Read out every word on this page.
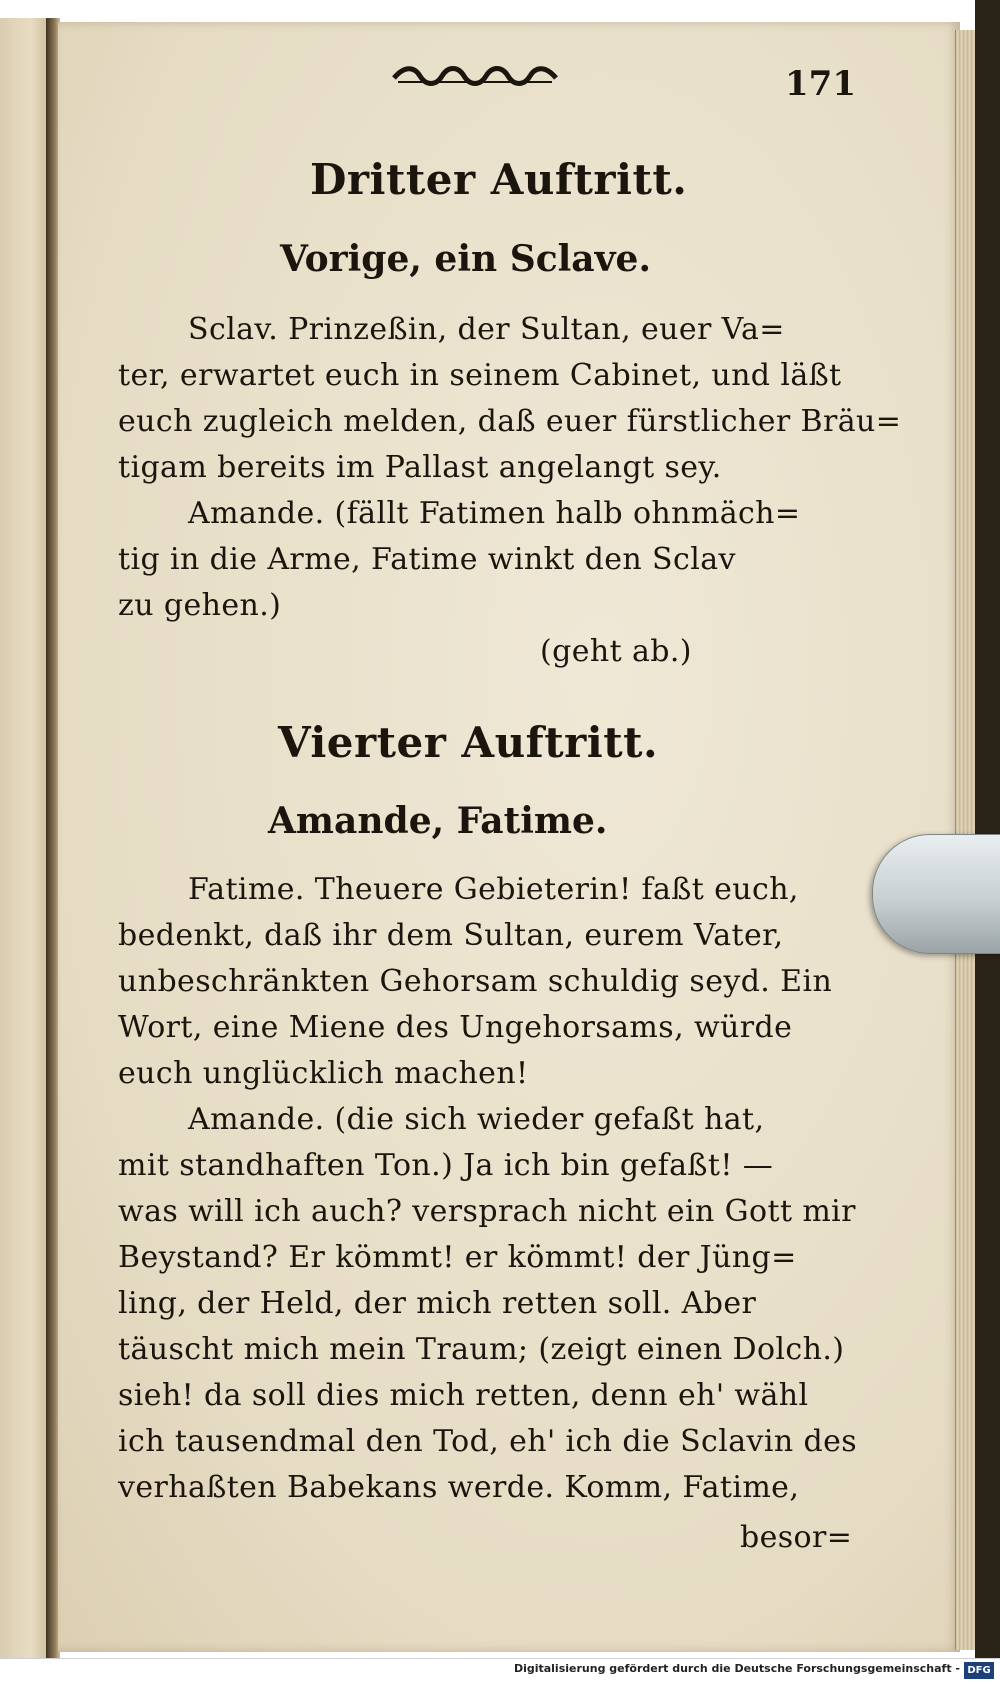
171
Dritter Auftritt.
Vorige, ein Sclave.
Sclav. Prinzeßin, der Sultan, euer Va=
ter, erwartet euch in seinem Cabinet, und läßt
euch zugleich melden, daß euer fürstlicher Bräu=
tigam bereits im Pallast angelangt sey.
Amande. (fällt Fatimen halb ohnmäch=
tig in die Arme, Fatime winkt den Sclav
zu gehen.)
(geht ab.)
Vierter Auftritt.
Amande, Fatime.
Fatime. Theuere Gebieterin! faßt euch,
bedenkt, daß ihr dem Sultan, eurem Vater,
unbeschränkten Gehorsam schuldig seyd. Ein
Wort, eine Miene des Ungehorsams, würde
euch unglücklich machen!
Amande. (die sich wieder gefaßt hat,
mit standhaften Ton.) Ja ich bin gefaßt! —
was will ich auch? versprach nicht ein Gott mir
Beystand? Er kömmt! er kömmt! der Jüng=
ling, der Held, der mich retten soll. Aber
täuscht mich mein Traum; (zeigt einen Dolch.)
sieh! da soll dies mich retten, denn eh' wähl
ich tausendmal den Tod, eh' ich die Sclavin des
verhaßten Babekans werde. Komm, Fatime,
besor=
Digitalisierung gefördert durch die Deutsche Forschungsgemeinschaft - DFG
